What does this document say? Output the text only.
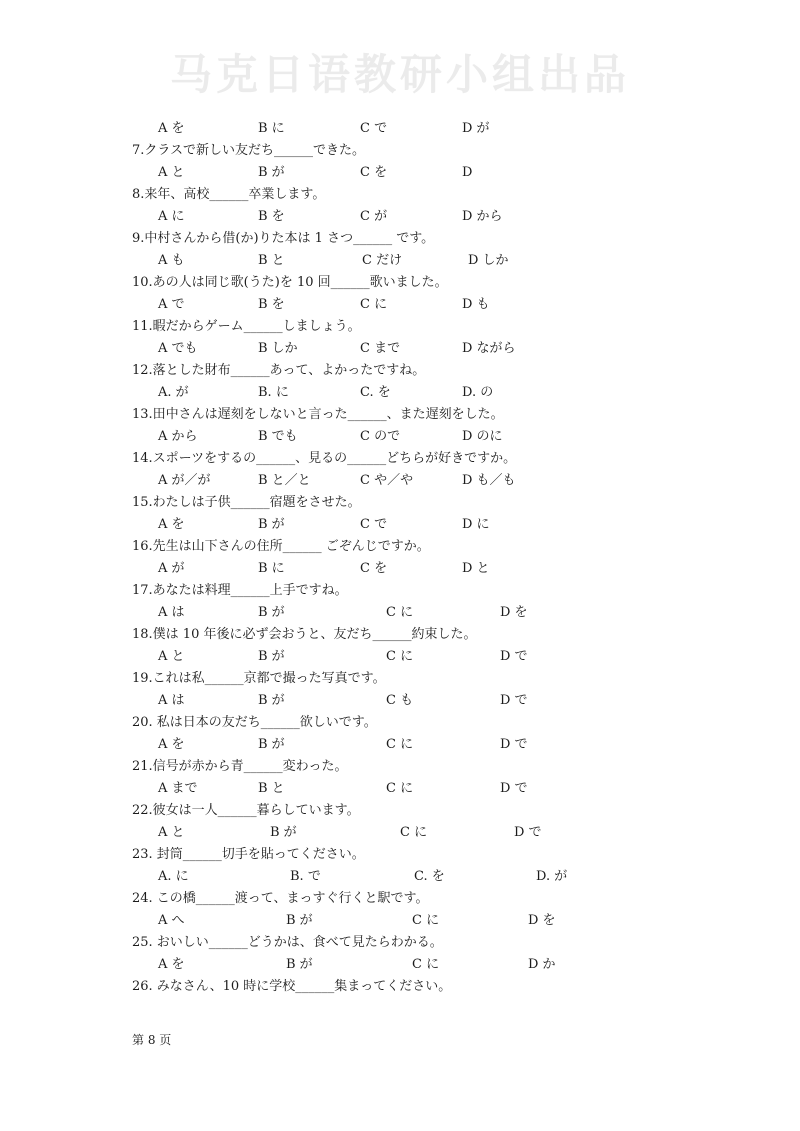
马克日语教研小组出品
A を	B に	C で	D が
7.クラスで新しい友だち______できた。
A と	B が	C を	D
8.来年、高校______卒業します。
A に	B を	C が	D から
9.中村さんから借(か)りた本は 1 さつ______ です。
A も	B と	C だけ	D しか
10.あの人は同じ歌(うた)を 10 回______歌いました。
A で	B を	C に	D も
11.暇だからゲーム______しましょう。
A でも	B しか	C まで	D ながら
12.落とした財布______あって、よかったですね。
A. が	B. に	C. を	D. の
13.田中さんは遅刻をしないと言った______、また遅刻をした。
A から	B でも	C ので	D のに
14.スポーツをするの______、見るの______どちらが好きですか。
A が／が	B と／と	C や／や	D も／も
15.わたしは子供______宿題をさせた。
A を	B が	C で	D に
16.先生は山下さんの住所______ ごぞんじですか。
A が	B に	C を	D と
17.あなたは料理______上手ですね。
A は	B が	C に	D を
18.僕は 10 年後に必ず会おうと、友だち______約束した。
A と	B が	C に	D で
19.これは私______京都で撮った写真です。
A は	B が	C も	D で
20. 私は日本の友だち______欲しいです。
A を	B が	C に	D で
21.信号が赤から青______変わった。
A まで	B と	C に	D で
22.彼女は一人______暮らしています。
A と	B が	C に	D で
23. 封筒______切手を貼ってください。
A. に	B. で	C. を	D. が
24. この橋______渡って、まっすぐ行くと駅です。
A へ	B が	C に	D を
25. おいしい______どうかは、食べて見たらわかる。
A を	B が	C に	D か
26. みなさん、10 時に学校______集まってください。
第 8 页
